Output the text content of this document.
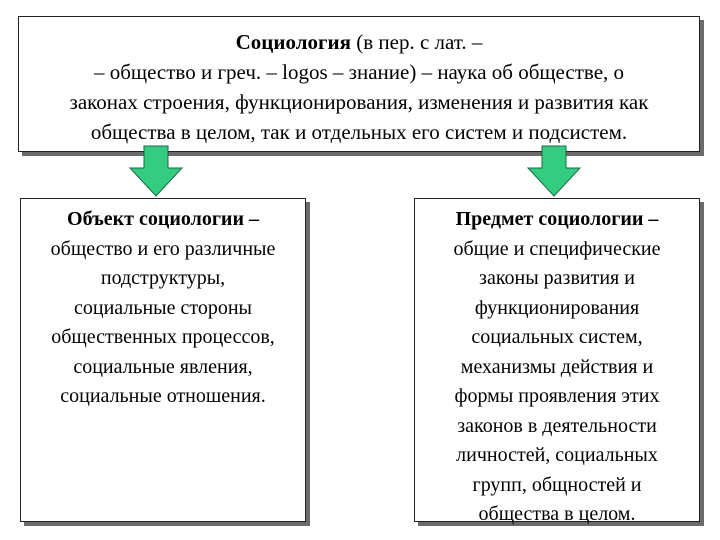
Социология (в пер. с лат. –
– общество и греч. – logos – знание) – наука об обществе, о
законах строения, функционирования, изменения и развития как
общества в целом, так и отдельных его систем и подсистем.
Объект социологии –
общество и его различные
подструктуры,
социальные стороны
общественных процессов,
социальные явления,
социальные отношения.
Предмет социологии –
общие и специфические
законы развития и
функционирования
социальных систем,
механизмы действия и
формы проявления этих
законов в деятельности
личностей, социальных
групп, общностей и
общества в целом.
